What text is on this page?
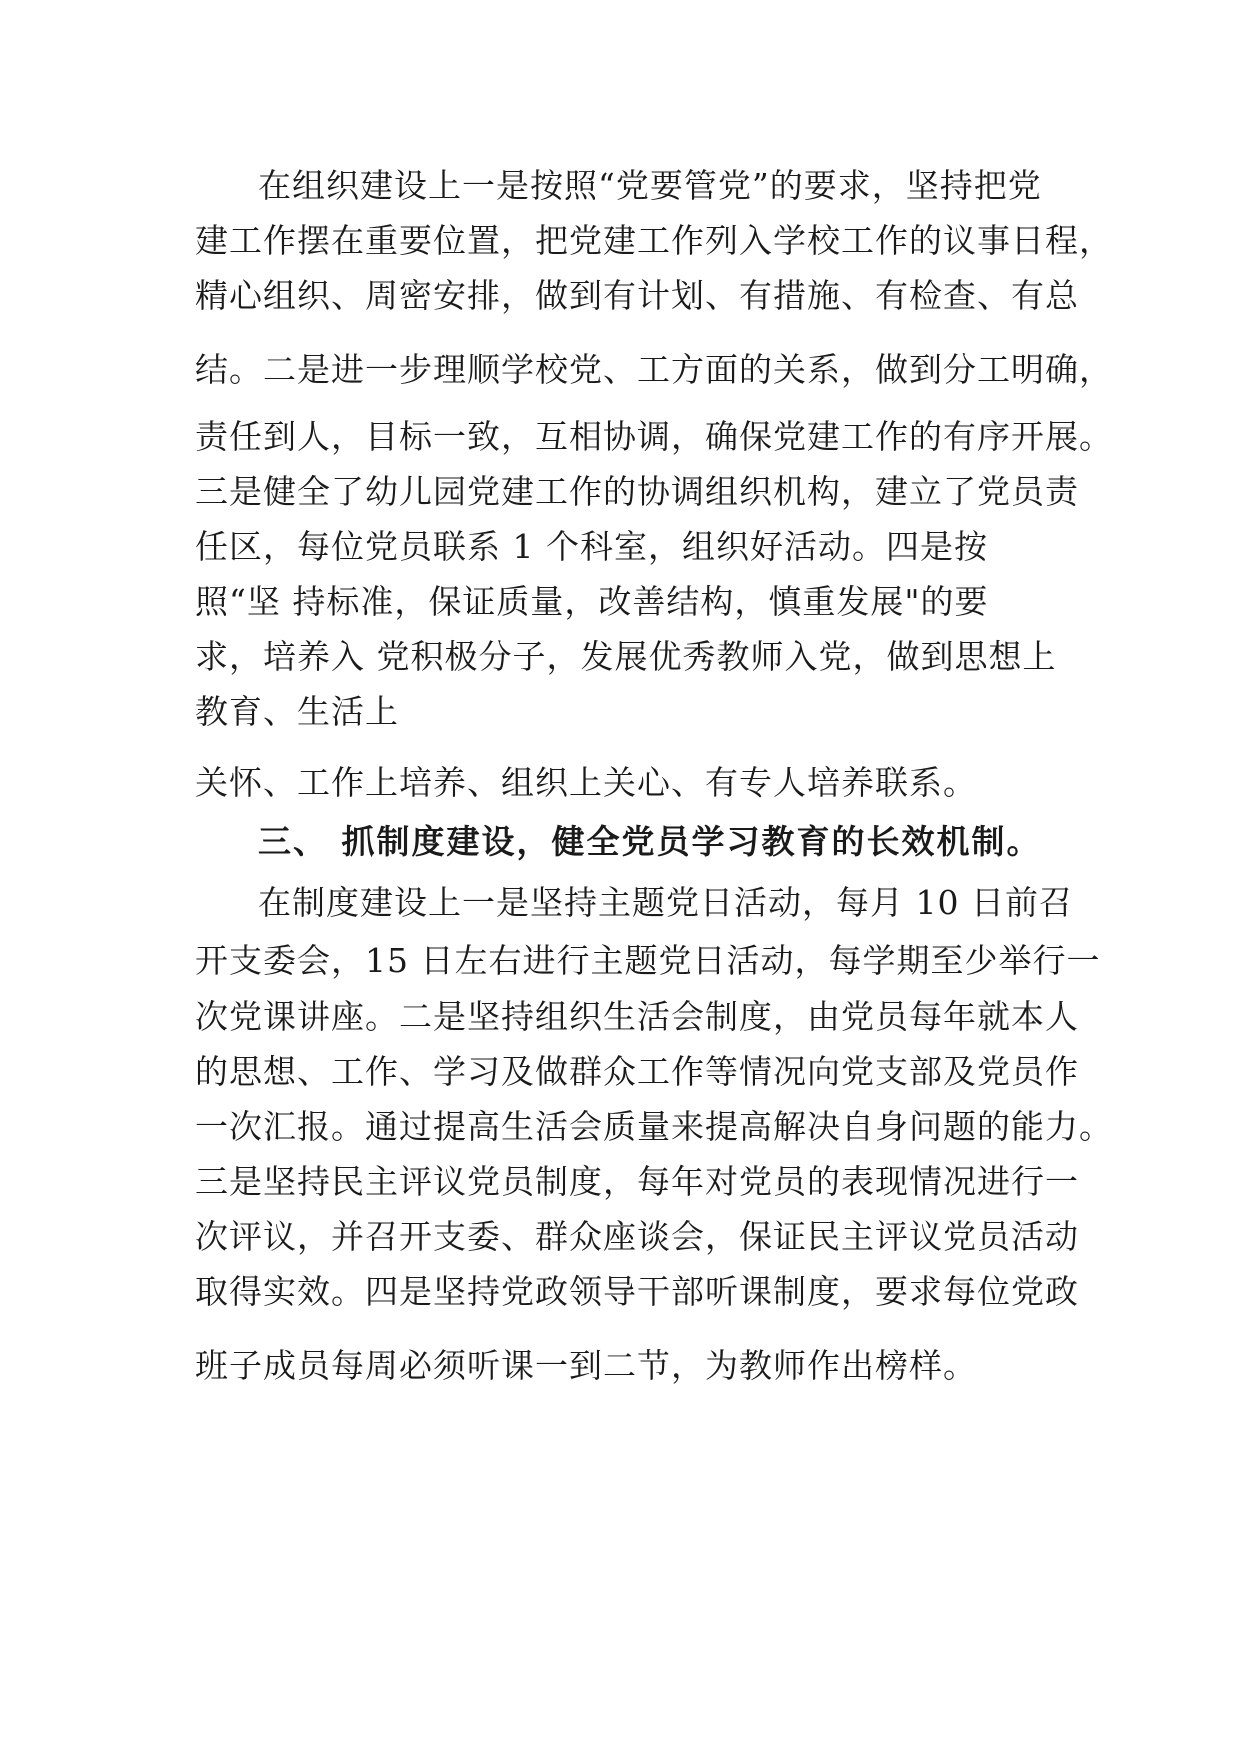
在组织建设上一是按照“党要管党”的要求，坚持把党
建工作摆在重要位置，把党建工作列入学校工作的议事日程，
精心组织、周密安排，做到有计划、有措施、有检查、有总
结。二是进一步理顺学校党、工方面的关系，做到分工明确，
责任到人，目标一致，互相协调，确保党建工作的有序开展。
三是健全了幼儿园党建工作的协调组织机构，建立了党员责
任区，每位党员联系 1 个科室，组织好活动。四是按
照“坚 持标准，保证质量，改善结构，慎重发展"的要
求，培养入 党积极分子，发展优秀教师入党，做到思想上
教育、生活上
关怀、工作上培养、组织上关心、有专人培养联系。
三、 抓制度建设，健全党员学习教育的长效机制。
在制度建设上一是坚持主题党日活动，每月 10 日前召
开支委会，15 日左右进行主题党日活动，每学期至少举行一
次党课讲座。二是坚持组织生活会制度，由党员每年就本人
的思想、工作、学习及做群众工作等情况向党支部及党员作
一次汇报。通过提高生活会质量来提高解决自身问题的能力。
三是坚持民主评议党员制度，每年对党员的表现情况进行一
次评议，并召开支委、群众座谈会，保证民主评议党员活动
取得实效。四是坚持党政领导干部听课制度，要求每位党政
班子成员每周必须听课一到二节，为教师作出榜样。
